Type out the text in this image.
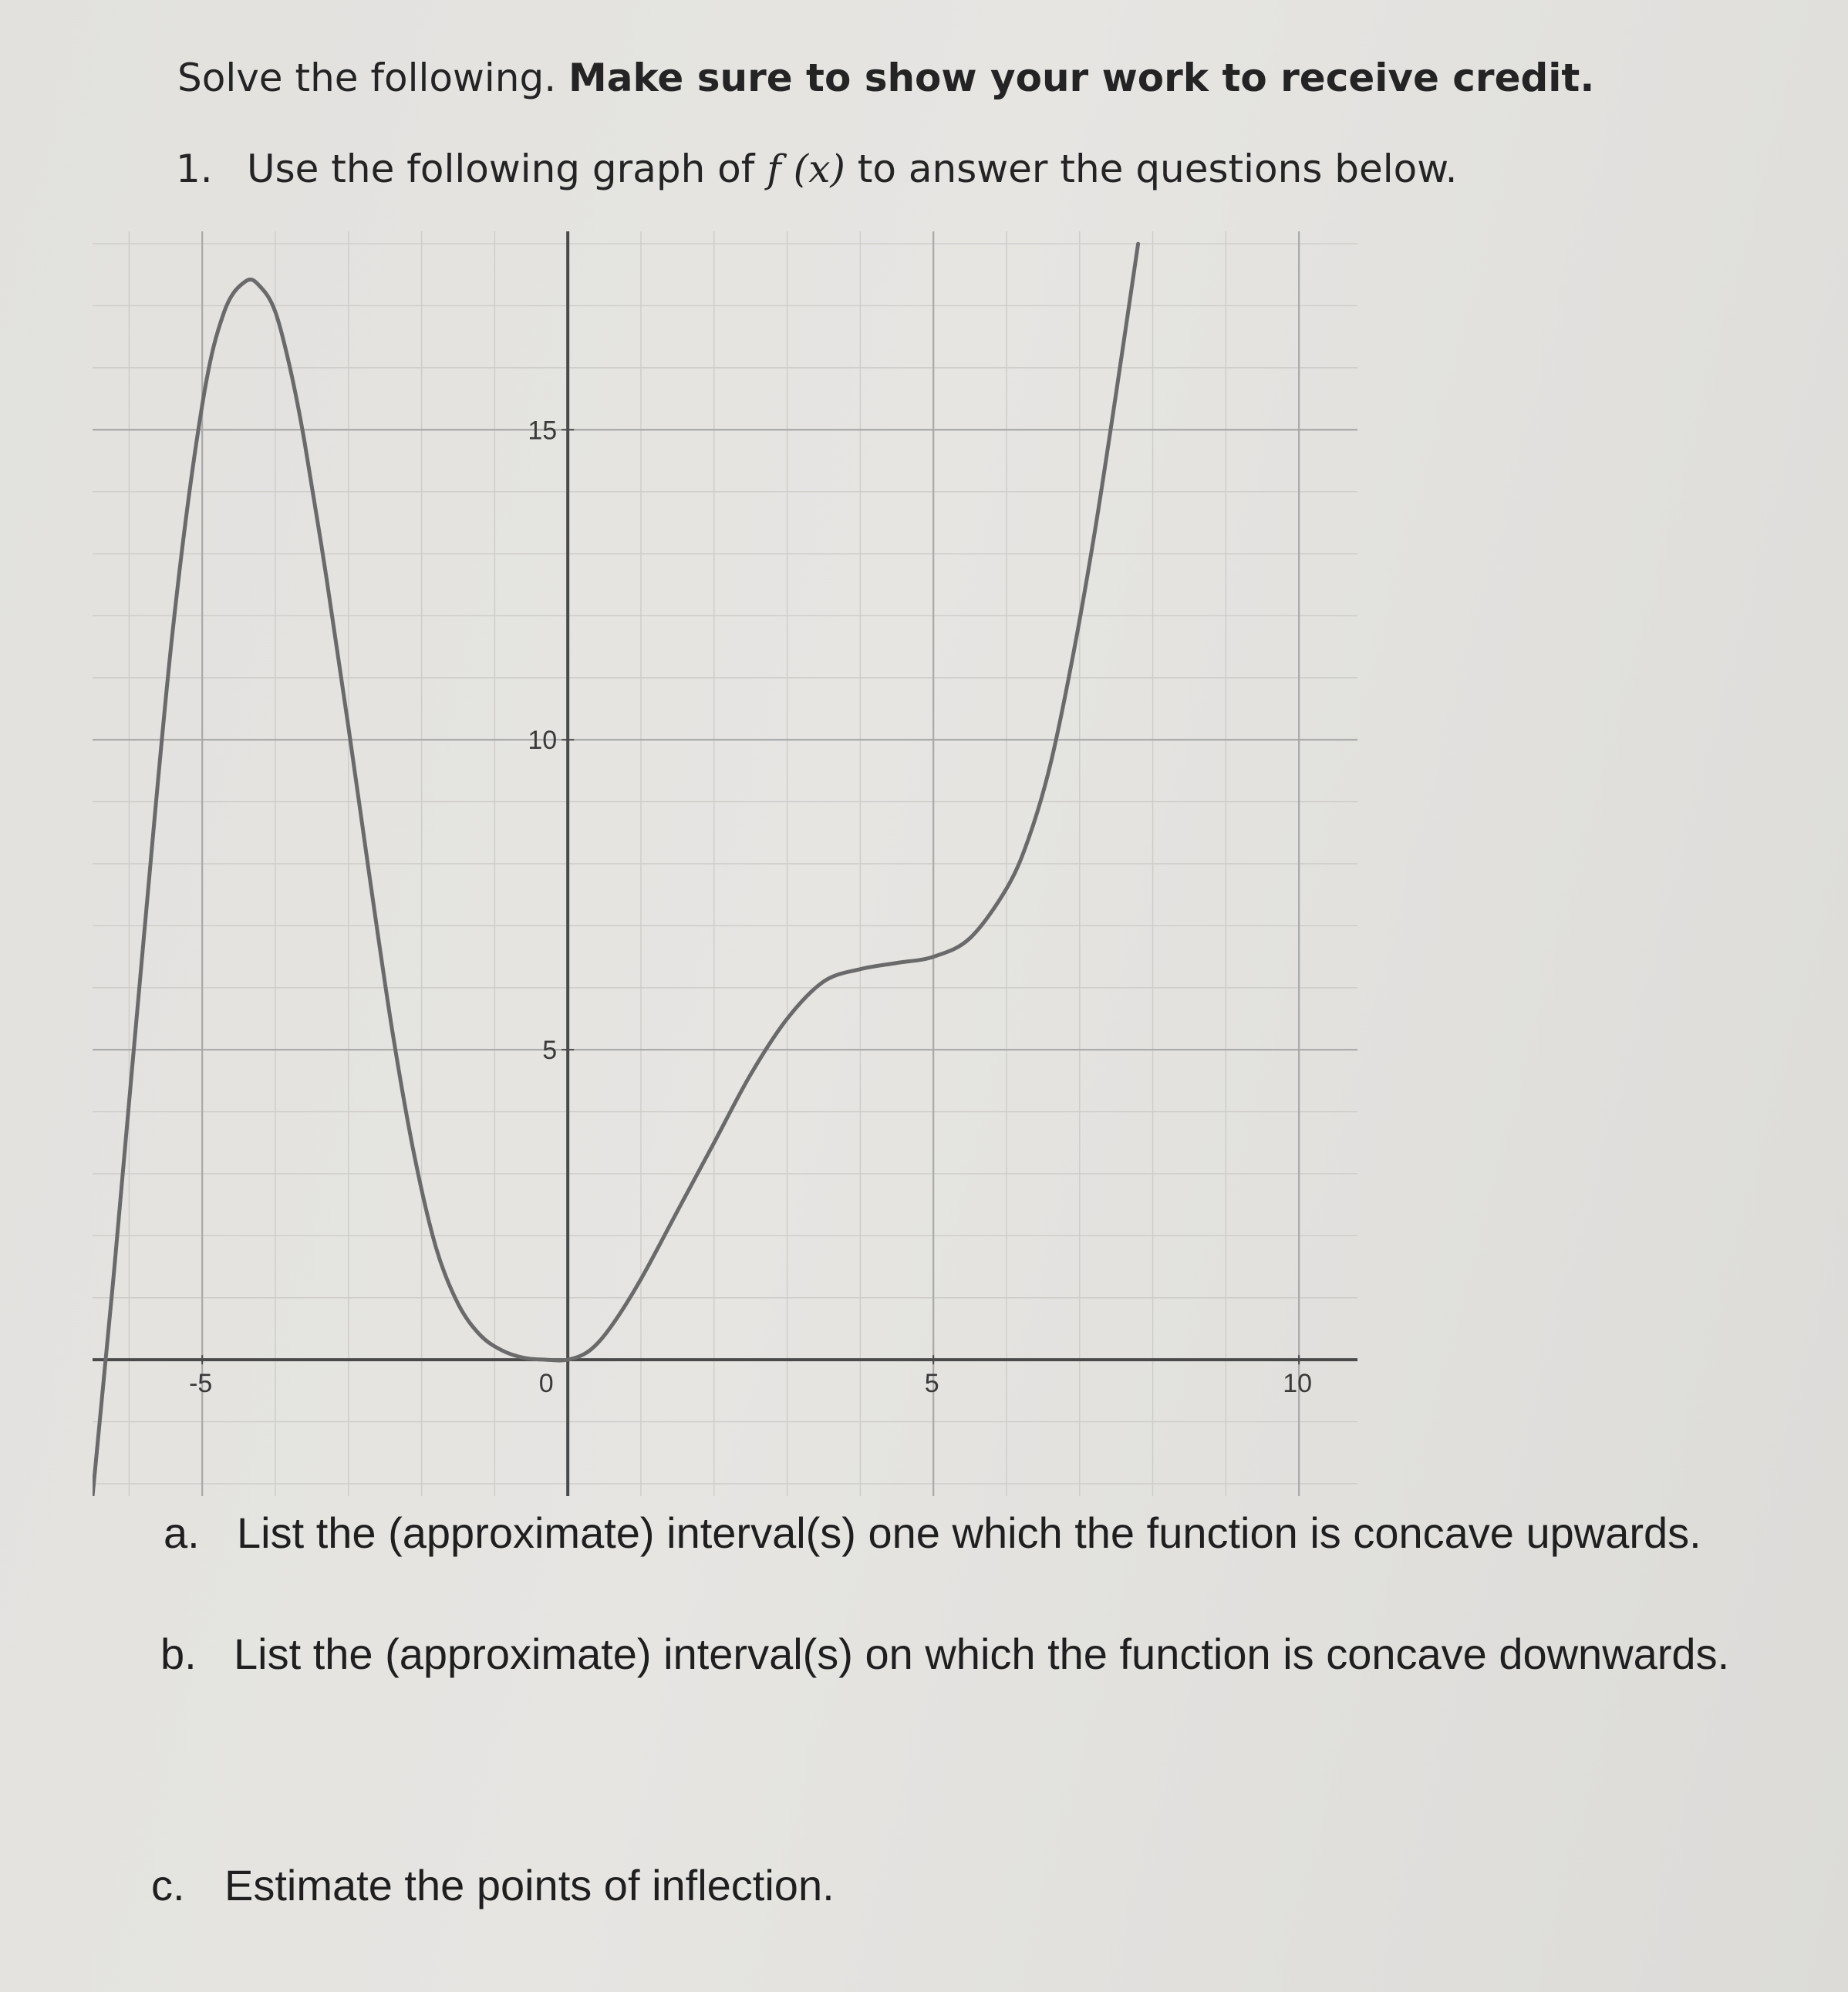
Solve the following. Make sure to show your work to receive credit.
1. Use the following graph of f (x) to answer the questions below.
-5	0	5	10
5
10
15
a. List the (approximate) interval(s) one which the function is concave upwards.
b. List the (approximate) interval(s) on which the function is concave downwards.
c. Estimate the points of inflection.
